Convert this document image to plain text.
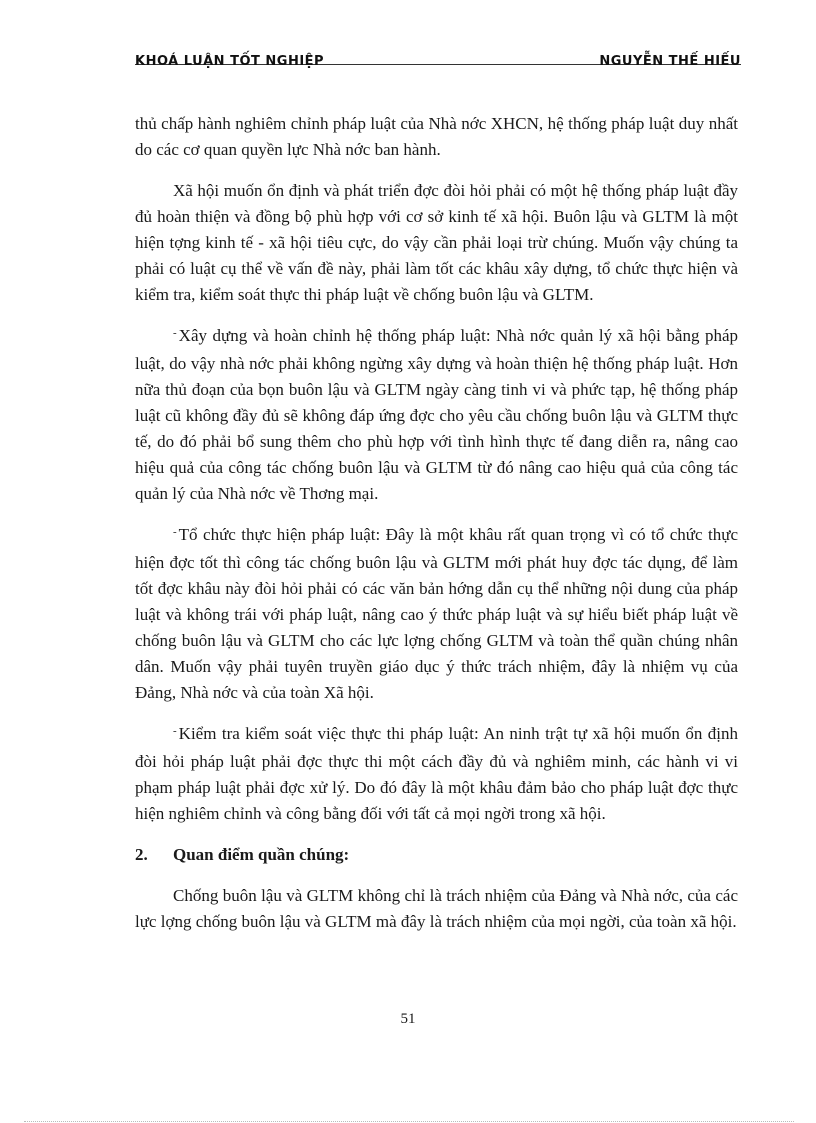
KHOÁ LUẬN TỐT NGHIỆP	NGUYỄN THẾ HIẾU

thủ chấp hành nghiêm chỉnh pháp luật của Nhà nớc XHCN, hệ thống pháp luật duy nhất do các cơ quan quyền lực Nhà nớc ban hành.

Xã hội muốn ổn định và phát triển đợc đòi hỏi phải có một hệ thống pháp luật đầy đủ hoàn thiện và đồng bộ phù hợp với cơ sở kinh tế xã hội. Buôn lậu và GLTM là một hiện tợng kinh tế - xã hội tiêu cực, do vậy cần phải loại trừ chúng. Muốn vậy chúng ta phải có luật cụ thể về vấn đề này, phải làm tốt các khâu xây dựng, tổ chức thực hiện và kiểm tra, kiểm soát thực thi pháp luật về chống buôn lậu và GLTM.

- Xây dựng và hoàn chỉnh hệ thống pháp luật: Nhà nớc quản lý xã hội bằng pháp luật, do vậy nhà nớc phải không ngừng xây dựng và hoàn thiện hệ thống pháp luật. Hơn nữa thủ đoạn của bọn buôn lậu và GLTM ngày càng tinh vi và phức tạp, hệ thống pháp luật cũ không đầy đủ sẽ không đáp ứng đợc cho yêu cầu chống buôn lậu và GLTM thực tế, do đó phải bổ sung thêm cho phù hợp với tình hình thực tế đang diễn ra, nâng cao hiệu quả của công tác chống buôn lậu và GLTM từ đó nâng cao hiệu quả của công tác quản lý của Nhà nớc về Thơng mại.

- Tổ chức thực hiện pháp luật: Đây là một khâu rất quan trọng vì có tổ chức thực hiện đợc tốt thì công tác chống buôn lậu và GLTM mới phát huy đợc tác dụng, để làm tốt đợc khâu này đòi hỏi phải có các văn bản hớng dẫn cụ thể những nội dung của pháp luật và không trái với pháp luật, nâng cao ý thức pháp luật và sự hiểu biết pháp luật về chống buôn lậu và GLTM cho các lực lợng chống GLTM và toàn thể quần chúng nhân dân. Muốn vậy phải tuyên truyền giáo dục ý thức trách nhiệm, đây là nhiệm vụ của Đảng, Nhà nớc và của toàn Xã hội.

- Kiểm tra kiểm soát việc thực thi pháp luật: An ninh trật tự xã hội muốn ổn định đòi hỏi pháp luật phải đợc thực thi một cách đầy đủ và nghiêm minh, các hành vi vi phạm pháp luật phải đợc xử lý. Do đó đây là một khâu đảm bảo cho pháp luật đợc thực hiện nghiêm chỉnh và công bằng đối với tất cả mọi ngời trong xã hội.

2. Quan điểm quần chúng:

Chống buôn lậu và GLTM không chỉ là trách nhiệm của Đảng và Nhà nớc, của các lực lợng chống buôn lậu và GLTM mà đây là trách nhiệm của mọi ngời, của toàn xã hội.

51
